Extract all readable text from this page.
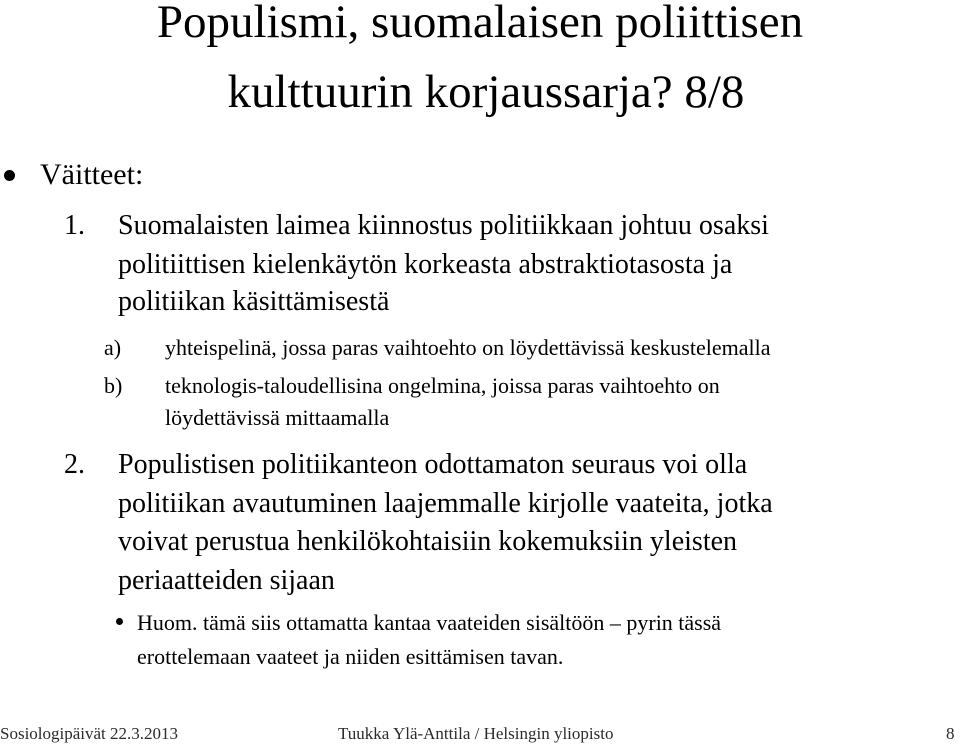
Populismi, suomalaisen poliittisen
kulttuurin korjaussarja? 8/8
Väitteet:
1. Suomalaisten laimea kiinnostus politiikkaan johtuu osaksi
politiittisen kielenkäytön korkeasta abstraktiotasosta ja
politiikan käsittämisestä
a) yhteispelinä, jossa paras vaihtoehto on löydettävissä keskustelemalla
b) teknologis-taloudellisina ongelmina, joissa paras vaihtoehto on
löydettävissä mittaamalla
2. Populistisen politiikanteon odottamaton seuraus voi olla
politiikan avautuminen laajemmalle kirjolle vaateita, jotka
voivat perustua henkilökohtaisiin kokemuksiin yleisten
periaatteiden sijaan
Huom. tämä siis ottamatta kantaa vaateiden sisältöön – pyrin tässä
erottelemaan vaateet ja niiden esittämisen tavan.
Sosiologipäivät 22.3.2013	Tuukka Ylä-Anttila / Helsingin yliopisto	8
